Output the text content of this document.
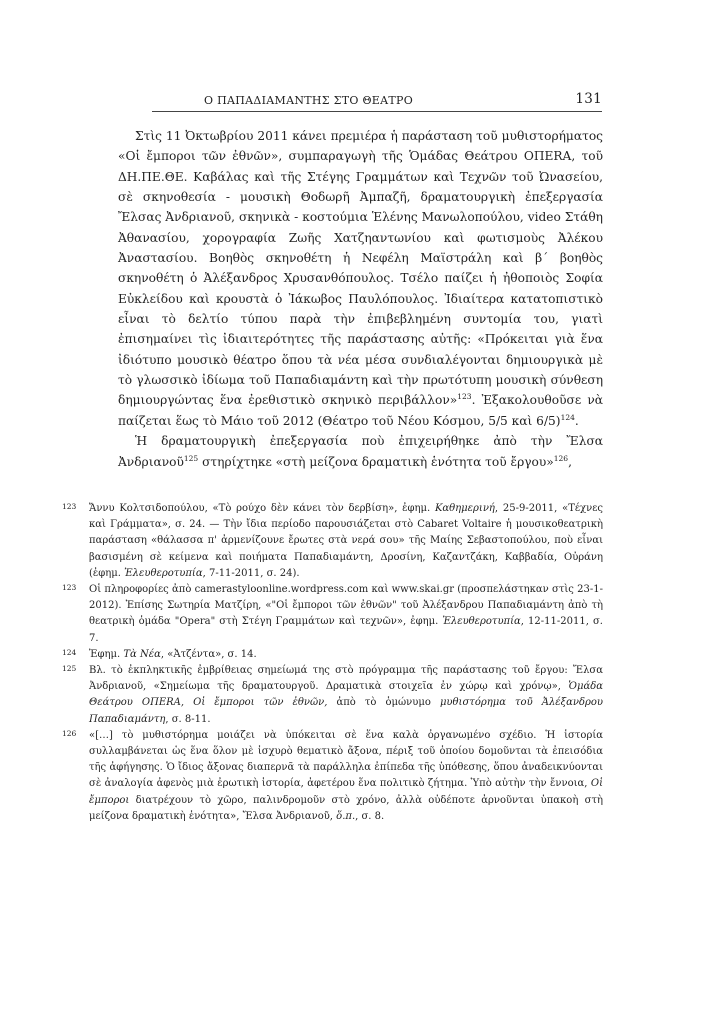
Ο ΠΑΠΑΔΙΑΜΑΝΤΗΣ ΣΤΟ ΘΕΑΤΡΟ	131

Στὶς 11 Ὀκτωβρίου 2011 κάνει πρεμιέρα ἡ παράσταση τοῦ μυθιστορήματος «Οἱ ἔμποροι τῶν ἐθνῶν», συμπαραγωγὴ τῆς Ὁμάδας Θεάτρου ΟΠΕRA, τοῦ ΔΗ.ΠΕ.ΘΕ. Καβάλας καὶ τῆς Στέγης Γραμμάτων καὶ Τεχνῶν τοῦ Ὠνασείου, σὲ σκηνοθεσία - μουσικὴ Θοδωρῆ Ἀμπαζῆ, δραματουργικὴ ἐπεξεργασία Ἔλσας Ἀνδριανοῦ, σκηνικὰ - κοστούμια Ἑλένης Μανωλοπούλου, video Στάθη Ἀθανασίου, χορογραφία Ζωῆς Χατζηαντωνίου καὶ φωτισμοὺς Ἀλέκου Ἀναστασίου. Βοηθὸς σκηνοθέτη ἡ Νεφέλη Μαϊστράλη καὶ β΄ βοηθὸς σκηνοθέτη ὁ Ἀλέξανδρος Χρυσανθόπουλος. Τσέλο παίζει ἡ ἠθοποιὸς Σοφία Εὐκλείδου καὶ κρουστὰ ὁ Ἰάκωβος Παυλόπουλος. Ἰδιαίτερα κατατοπιστικὸ εἶναι τὸ δελτίο τύπου παρὰ τὴν ἐπιβεβλημένη συντομία του, γιατὶ ἐπισημαίνει τὶς ἰδιαιτερότητες τῆς παράστασης αὐτῆς: «Πρόκειται γιὰ ἕνα ἰδιότυπο μουσικὸ θέατρο ὅπου τὰ νέα μέσα συνδιαλέγονται δημιουργικὰ μὲ τὸ γλωσσικὸ ἰδίωμα τοῦ Παπαδιαμάντη καὶ τὴν πρωτότυπη μουσικὴ σύνθεση δημιουργώντας ἕνα ἐρεθιστικὸ σκηνικὸ περιβάλλον»$^{123}$. Ἐξακολουθοῦσε νὰ παίζεται ἕως τὸ Μάιο τοῦ 2012 (Θέατρο τοῦ Νέου Κόσμου, 5/5 καὶ 6/5)$^{124}$.

Ἡ δραματουργικὴ ἐπεξεργασία ποὺ ἐπιχειρήθηκε ἀπὸ τὴν Ἔλσα Ἀνδριανοῦ$^{125}$ στηρίχτηκε «στὴ μείζονα δραματικὴ ἑνότητα τοῦ ἔργου»$^{126}$,

123 Ἄννυ Κολτσιδοπούλου, «Τὸ ρούχο δὲν κάνει τὸν δερβίση», ἐφημ. Καθημερινή, 25-9-2011, «Τέχνες καὶ Γράμματα», σ. 24. — Τὴν ἴδια περίοδο παρουσιάζεται στὸ Cabaret Voltaire ἡ μουσικοθεατρικὴ παράσταση «θάλασσα π' ἀρμενίζουνε ἔρωτες στὰ νερά σου» τῆς Μαίης Σεβαστοπούλου, ποὺ εἶναι βασισμένη σὲ κείμενα καὶ ποιήματα Παπαδιαμάντη, Δροσίνη, Καζαντζάκη, Καββαδία, Οὐράνη (ἐφημ. Ἐλευθεροτυπία, 7-11-2011, σ. 24).
123 Οἱ πληροφορίες ἀπὸ camerastyloonline.wordpress.com καὶ www.skai.gr (προσπελάστηκαν στὶς 23-1-2012). Ἐπίσης Σωτηρία Ματζίρη, «"Οἱ ἔμποροι τῶν ἐθνῶν" τοῦ Ἀλέξανδρου Παπαδιαμάντη ἀπὸ τὴ θεατρικὴ ὁμάδα "Opera" στὴ Στέγη Γραμμάτων καὶ τεχνῶν», ἐφημ. Ἐλευθεροτυπία, 12-11-2011, σ. 7.
124 Ἐφημ. Τὰ Νέα, «Ἀτζέντα», σ. 14.
125 Βλ. τὸ ἐκπληκτικῆς ἐμβρίθειας σημείωμά της στὸ πρόγραμμα τῆς παράστασης τοῦ ἔργου: Ἔλσα Ἀνδριανοῦ, «Σημείωμα τῆς δραματουργοῦ. Δραματικὰ στοιχεῖα ἐν χώρῳ καὶ χρόνῳ», Ὁμάδα Θεάτρου ΟΠΕRA, Οἱ ἔμποροι τῶν ἐθνῶν, ἀπὸ τὸ ὁμώνυμο μυθιστόρημα τοῦ Ἀλέξανδρου Παπαδιαμάντη, σ. 8-11.
126 «[…] τὸ μυθιστόρημα μοιάζει νὰ ὑπόκειται σὲ ἕνα καλὰ ὀργανωμένο σχέδιο. Ἡ ἱστορία συλλαμβάνεται ὡς ἕνα ὅλον μὲ ἰσχυρὸ θεματικὸ ἄξονα, πέριξ τοῦ ὁποίου δομοῦνται τὰ ἐπεισόδια τῆς ἀφήγησης. Ὁ ἴδιος ἄξονας διαπερνᾶ τὰ παράλληλα ἐπίπεδα τῆς ὑπόθεσης, ὅπου ἀναδεικνύονται σὲ ἀναλογία ἀφενὸς μιὰ ἐρωτικὴ ἱστορία, ἀφετέρου ἕνα πολιτικὸ ζήτημα. Ὑπὸ αὐτὴν τὴν ἔννοια, Οἱ ἔμποροι διατρέχουν τὸ χῶρο, παλινδρομοῦν στὸ χρόνο, ἀλλὰ οὐδέποτε ἀρνοῦνται ὑπακοὴ στὴ μείζονα δραματικὴ ἑνότητα», Ἔλσα Ἀνδριανοῦ, ὅ.π., σ. 8.
